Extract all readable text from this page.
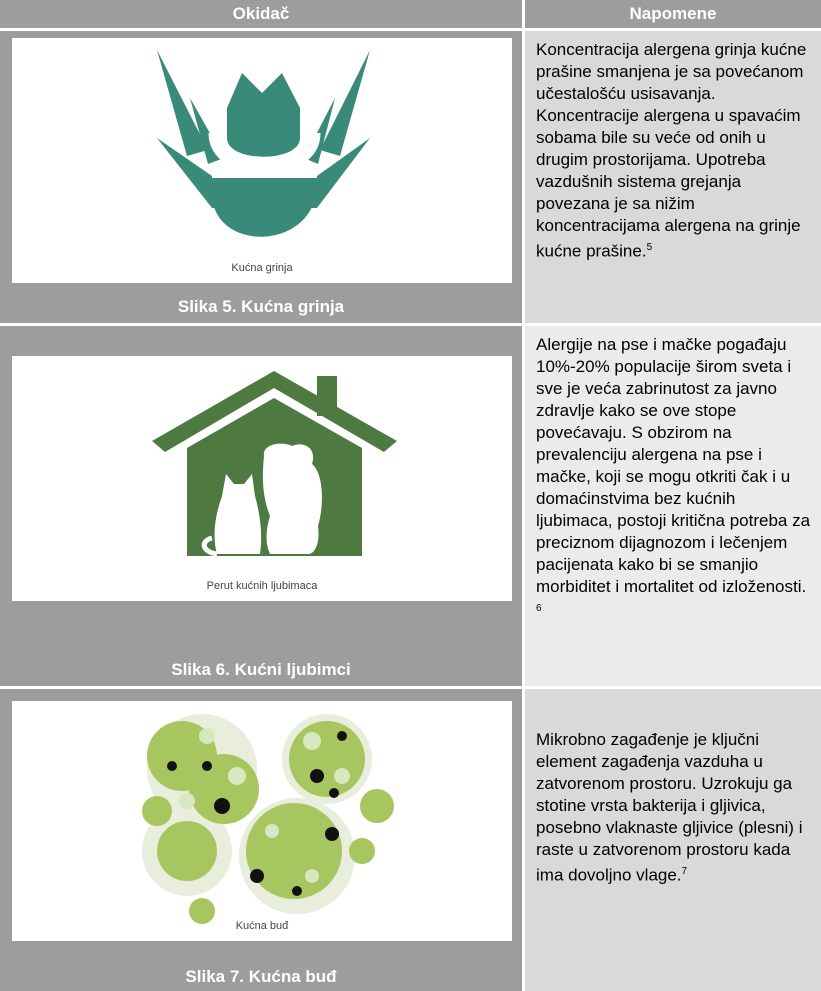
Okidač	Napomene

Kućna grinja
Slika 5. Kućna grinja	Koncentracija alergena grinja kućne prašine smanjena je sa povećanom učestalošću usisavanja. Koncentracije alergena u spavaćim sobama bile su veće od onih u drugim prostorijama. Upotreba vazdušnih sistema grejanja povezana je sa nižim koncentracijama alergena na grinje kućne prašine.$^5$

Perut kućnih ljubimaca
Slika 6. Kućni ljubimci	Alergije na pse i mačke pogađaju 10%-20% populacije širom sveta i sve je veća zabrinutost za javno zdravlje kako se ove stope povećavaju. S obzirom na prevalenciju alergena na pse i mačke, koji se mogu otkriti čak i u domaćinstvima bez kućnih ljubimaca, postoji kritična potreba za preciznom dijagnozom i lečenjem pacijenata kako bi se smanjio morbiditet i mortalitet od izloženosti. $^6$

Kućna buđ
Slika 7. Kućna buđ	Mikrobno zagađenje je ključni element zagađenja vazduha u zatvorenom prostoru. Uzrokuju ga stotine vrsta bakterija i gljivica, posebno vlaknaste gljivice (plesni) i raste u zatvorenom prostoru kada ima dovoljno vlage.$^7$
